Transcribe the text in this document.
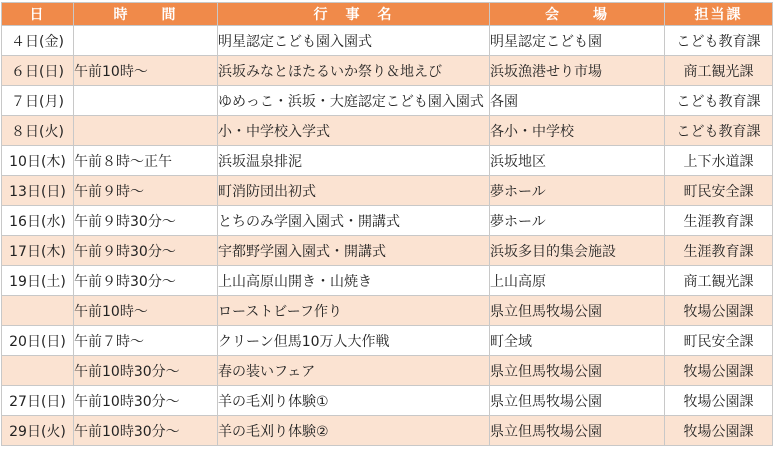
日	時　　間	行　事　名	会　　場	担当課
４日(金)		明星認定こども園入園式	明星認定こども園	こども教育課
６日(日)	午前10時～	浜坂みなとほたるいか祭り＆地えび	浜坂漁港せり市場	商工観光課
７日(月)		ゆめっこ・浜坂・大庭認定こども園入園式	各園	こども教育課
８日(火)		小・中学校入学式	各小・中学校	こども教育課
10日(木)	午前８時～正午	浜坂温泉排泥	浜坂地区	上下水道課
13日(日)	午前９時～	町消防団出初式	夢ホール	町民安全課
16日(水)	午前９時30分～	とちのみ学園入園式・開講式	夢ホール	生涯教育課
17日(木)	午前９時30分～	宇都野学園入園式・開講式	浜坂多目的集会施設	生涯教育課
19日(土)	午前９時30分～	上山高原山開き・山焼き	上山高原	商工観光課
	午前10時～	ローストビーフ作り	県立但馬牧場公園	牧場公園課
20日(日)	午前７時～	クリーン但馬10万人大作戦	町全域	町民安全課
	午前10時30分～	春の装いフェア	県立但馬牧場公園	牧場公園課
27日(日)	午前10時30分～	羊の毛刈り体験①	県立但馬牧場公園	牧場公園課
29日(火)	午前10時30分～	羊の毛刈り体験②	県立但馬牧場公園	牧場公園課
